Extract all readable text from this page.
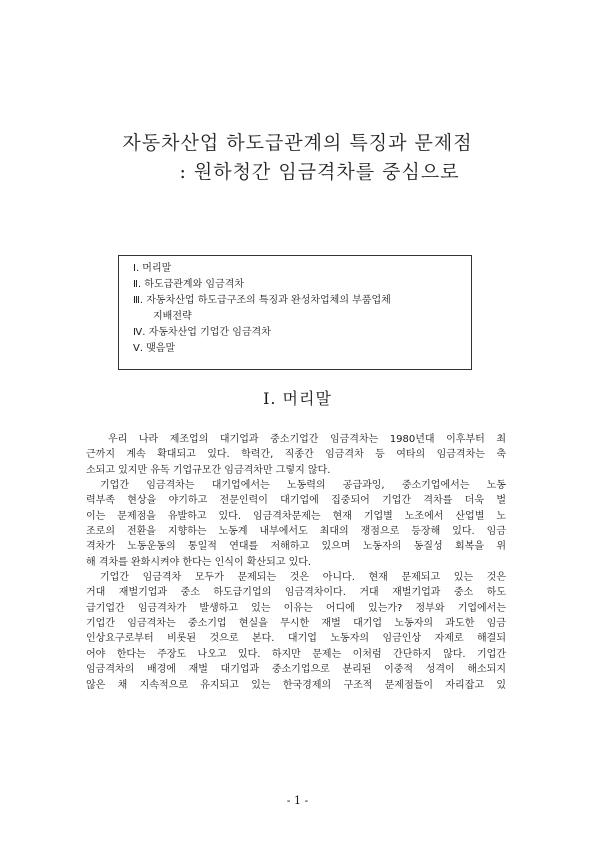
자동차산업 하도급관계의 특징과 문제점
: 원하청간 임금격차를 중심으로
Ⅰ. 머리말
Ⅱ. 하도급관계와 임금격차
Ⅲ. 자동차산업 하도급구조의 특징과 완성차업체의 부품업체
지배전략
Ⅳ. 자동차산업 기업간 임금격차
Ⅴ. 맺음말
Ⅰ. 머리말
우리 나라 제조업의 대기업과 중소기업간 임금격차는 1980년대 이후부터 최
근까지 계속 확대되고 있다. 학력간, 직종간 임금격차 등 여타의 임금격차는 축
소되고 있지만 유독 기업규모간 임금격차만 그렇지 않다.
기업간 임금격차는 대기업에서는 노동력의 공급과잉, 중소기업에서는 노동
력부족 현상을 야기하고 전문인력이 대기업에 집중되어 기업간 격차를 더욱 벌
이는 문제점을 유발하고 있다. 임금격차문제는 현재 기업별 노조에서 산업별 노
조로의 전환을 지향하는 노동계 내부에서도 최대의 쟁점으로 등장해 있다. 임금
격차가 노동운동의 통일적 연대를 저해하고 있으며 노동자의 동질성 회복을 위
해 격차를 완화시켜야 한다는 인식이 확산되고 있다.
기업간 임금격차 모두가 문제되는 것은 아니다. 현재 문제되고 있는 것은
거대 재벌기업과 중소 하도급기업의 임금격차이다. 거대 재벌기업과 중소 하도
급기업간 임금격차가 발생하고 있는 이유는 어디에 있는가? 정부와 기업에서는
기업간 임금격차는 중소기업 현실을 무시한 재벌 대기업 노동자의 과도한 임금
인상요구로부터 비롯된 것으로 본다. 대기업 노동자의 임금인상 자제로 해결되
어야 한다는 주장도 나오고 있다. 하지만 문제는 이처럼 간단하지 않다. 기업간
임금격차의 배경에 재벌 대기업과 중소기업으로 분리된 이중적 성격이 해소되지
않은 채 지속적으로 유지되고 있는 한국경제의 구조적 문제점들이 자리잡고 있
- 1 -
